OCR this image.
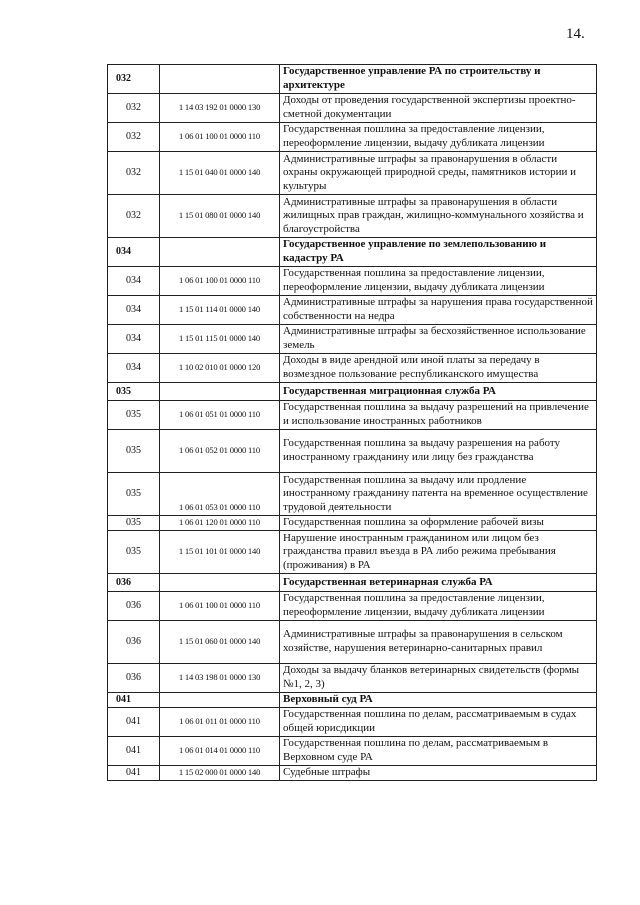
14.
032		Государственное управление РА по строительству и архитектуре
032	1 14 03 192 01 0000 130	Доходы от проведения государственной экспертизы проектно-сметной документации
032	1 06 01 100 01 0000 110	Государственная пошлина за предоставление лицензии, переоформление лицензии, выдачу дубликата лицензии
032	1 15 01 040 01 0000 140	Административные штрафы за правонарушения в области охраны окружающей природной среды, памятников истории и культуры
032	1 15 01 080 01 0000 140	Административные штрафы за правонарушения в области жилищных прав граждан, жилищно-коммунального хозяйства и благоустройства
034		Государственное управление по землепользованию и кадастру РА
034	1 06 01 100 01 0000 110	Государственная пошлина за предоставление лицензии, переоформление лицензии, выдачу дубликата лицензии
034	1 15 01 114 01 0000 140	Административные штрафы за нарушения права государственной собственности на недра
034	1 15 01 115 01 0000 140	Административные штрафы за бесхозяйственное использование земель
034	1 10 02 010 01 0000 120	Доходы в виде арендной или иной платы за передачу в возмездное пользование республиканского имущества
035		Государственная миграционная служба РА
035	1 06 01 051 01 0000 110	Государственная пошлина за выдачу разрешений на привлечение и использование иностранных работников
035	1 06 01 052 01 0000 110	Государственная пошлина за выдачу разрешения на работу иностранному гражданину или лицу без гражданства
035	1 06 01 053 01 0000 110	Государственная пошлина за выдачу или продление иностранному гражданину патента на временное осуществление трудовой деятельности
035	1 06 01 120 01 0000 110	Государственная пошлина за оформление рабочей визы
035	1 15 01 101 01 0000 140	Нарушение иностранным гражданином или лицом без гражданства правил въезда в РА либо режима пребывания (проживания) в РА
036		Государственная ветеринарная служба РА
036	1 06 01 100 01 0000 110	Государственная пошлина за предоставление лицензии, переоформление лицензии, выдачу дубликата лицензии
036	1 15 01 060 01 0000 140	Административные штрафы за правонарушения в сельском хозяйстве, нарушения ветеринарно-санитарных правил
036	1 14 03 198 01 0000 130	Доходы за выдачу бланков ветеринарных свидетельств (формы №1, 2, 3)
041		Верховный суд РА
041	1 06 01 011 01 0000 110	Государственная пошлина по делам, рассматриваемым в судах общей юрисдикции
041	1 06 01 014 01 0000 110	Государственная пошлина по делам, рассматриваемым в Верховном суде РА
041	1 15 02 000 01 0000 140	Судебные штрафы
